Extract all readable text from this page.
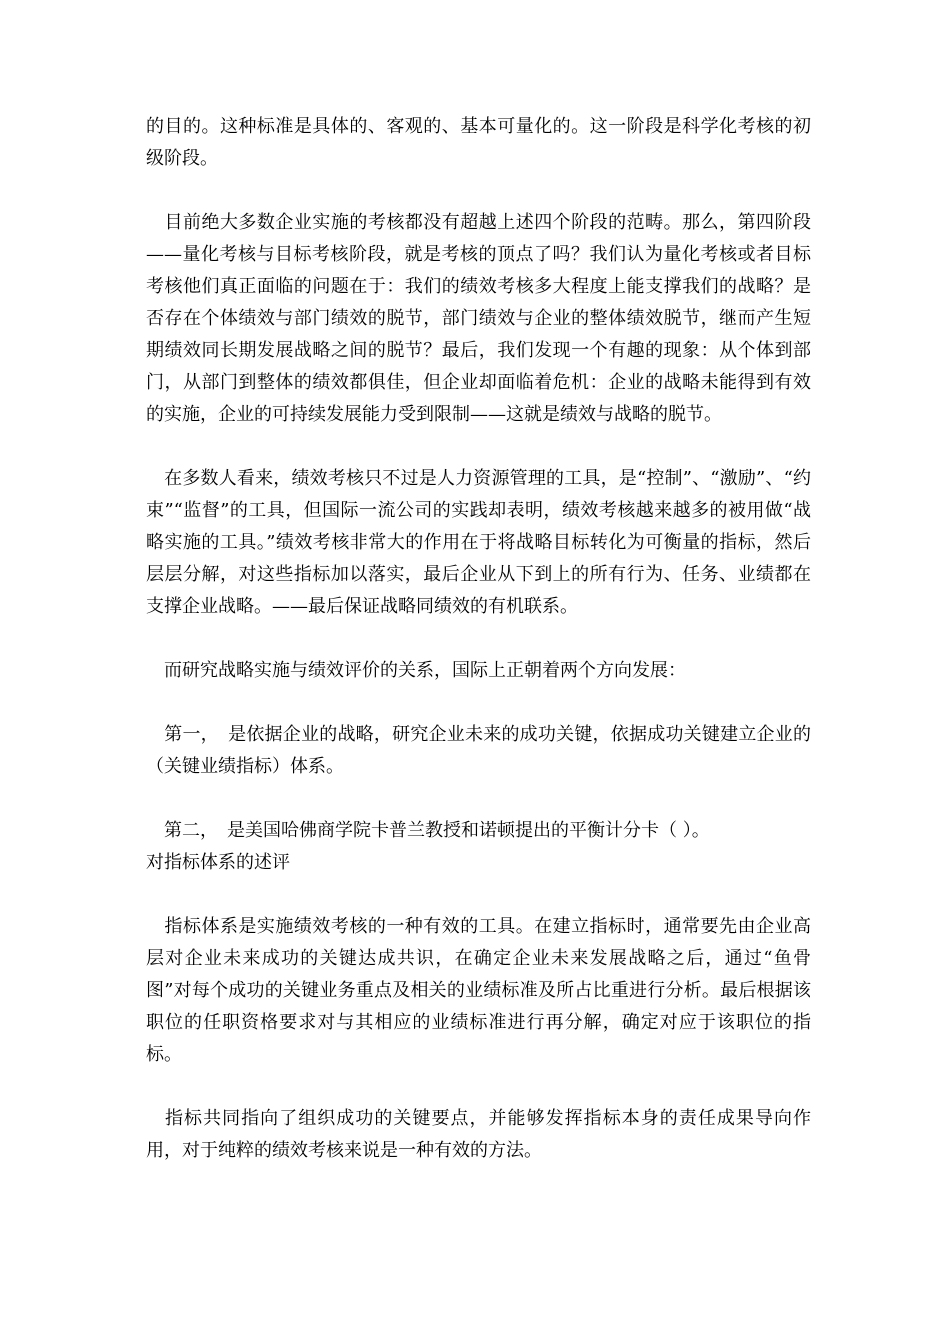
的目的。这种标准是具体的、客观的、基本可量化的。这一阶段是科学化考核的初级阶段。

　目前绝大多数企业实施的考核都没有超越上述四个阶段的范畴。那么，第四阶段——量化考核与目标考核阶段，就是考核的顶点了吗？我们认为量化考核或者目标考核他们真正面临的问题在于：我们的绩效考核多大程度上能支撑我们的战略？是否存在个体绩效与部门绩效的脱节，部门绩效与企业的整体绩效脱节，继而产生短期绩效同长期发展战略之间的脱节？最后，我们发现一个有趣的现象：从个体到部门，从部门到整体的绩效都俱佳，但企业却面临着危机：企业的战略未能得到有效的实施，企业的可持续发展能力受到限制——这就是绩效与战略的脱节。

　在多数人看来，绩效考核只不过是人力资源管理的工具，是“控制”、“激励”、“约束”“监督”的工具，但国际一流公司的实践却表明，绩效考核越来越多的被用做“战略实施的工具。”绩效考核非常大的作用在于将战略目标转化为可衡量的指标，然后层层分解，对这些指标加以落实，最后企业从下到上的所有行为、任务、业绩都在支撑企业战略。——最后保证战略同绩效的有机联系。

　而研究战略实施与绩效评价的关系，国际上正朝着两个方向发展：

　第一，　是依据企业的战略，研究企业未来的成功关键，依据成功关键建立企业的（关键业绩指标）体系。

　第二，　是美国哈佛商学院卡普兰教授和诺顿提出的平衡计分卡（ ）。

对指标体系的述评

　指标体系是实施绩效考核的一种有效的工具。在建立指标时，通常要先由企业高层对企业未来成功的关键达成共识，在确定企业未来发展战略之后，通过“鱼骨图”对每个成功的关键业务重点及相关的业绩标准及所占比重进行分析。最后根据该职位的任职资格要求对与其相应的业绩标准进行再分解，确定对应于该职位的指标。

　指标共同指向了组织成功的关键要点，并能够发挥指标本身的责任成果导向作用，对于纯粹的绩效考核来说是一种有效的方法。
